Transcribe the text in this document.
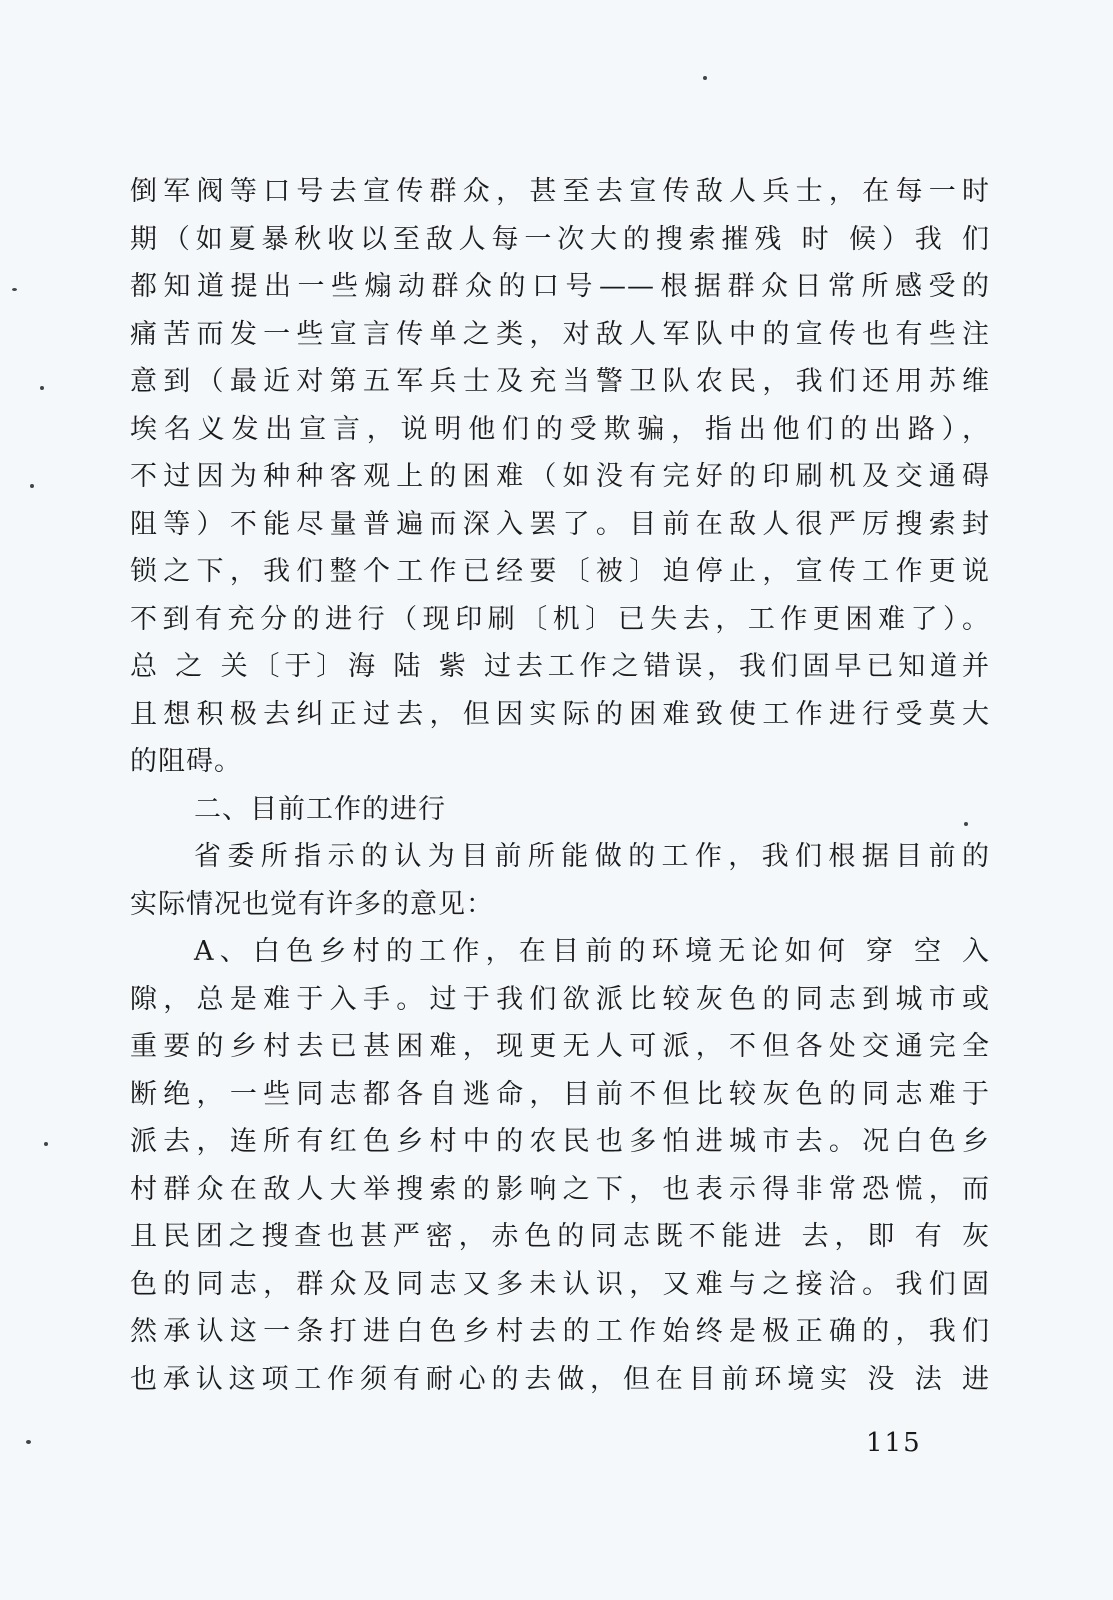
倒军阀等口号去宣传群众，甚至去宣传敌人兵士，在每一时
期（如夏暴秋收以至敌人每一次大的搜索摧残 时 候）我 们
都知道提出一些煽动群众的口号——根据群众日常所感受的
痛苦而发一些宣言传单之类，对敌人军队中的宣传也有些注
意到（最近对第五军兵士及充当警卫队农民，我们还用苏维
埃名义发出宣言，说明他们的受欺骗，指出他们的出路），
不过因为种种客观上的困难（如没有完好的印刷机及交通碍
阻等）不能尽量普遍而深入罢了。目前在敌人很严厉搜索封
锁之下，我们整个工作已经要〔被〕迫停止，宣传工作更说
不到有充分的进行（现印刷〔机〕已失去，工作更困难了）。
总 之 关〔于〕海 陆 紫 过去工作之错误，我们固早已知道并
且想积极去纠正过去，但因实际的困难致使工作进行受莫大
的阻碍。
二、目前工作的进行
省委所指示的认为目前所能做的工作，我们根据目前的
实际情况也觉有许多的意见：
A、白色乡村的工作，在目前的环境无论如何 穿 空 入
隙，总是难于入手。过于我们欲派比较灰色的同志到城市或
重要的乡村去已甚困难，现更无人可派，不但各处交通完全
断绝，一些同志都各自逃命，目前不但比较灰色的同志难于
派去，连所有红色乡村中的农民也多怕进城市去。况白色乡
村群众在敌人大举搜索的影响之下，也表示得非常恐慌，而
且民团之搜查也甚严密，赤色的同志既不能进 去，即 有 灰
色的同志，群众及同志又多未认识，又难与之接洽。我们固
然承认这一条打进白色乡村去的工作始终是极正确的，我们
也承认这项工作须有耐心的去做，但在目前环境实 没 法 进
115
